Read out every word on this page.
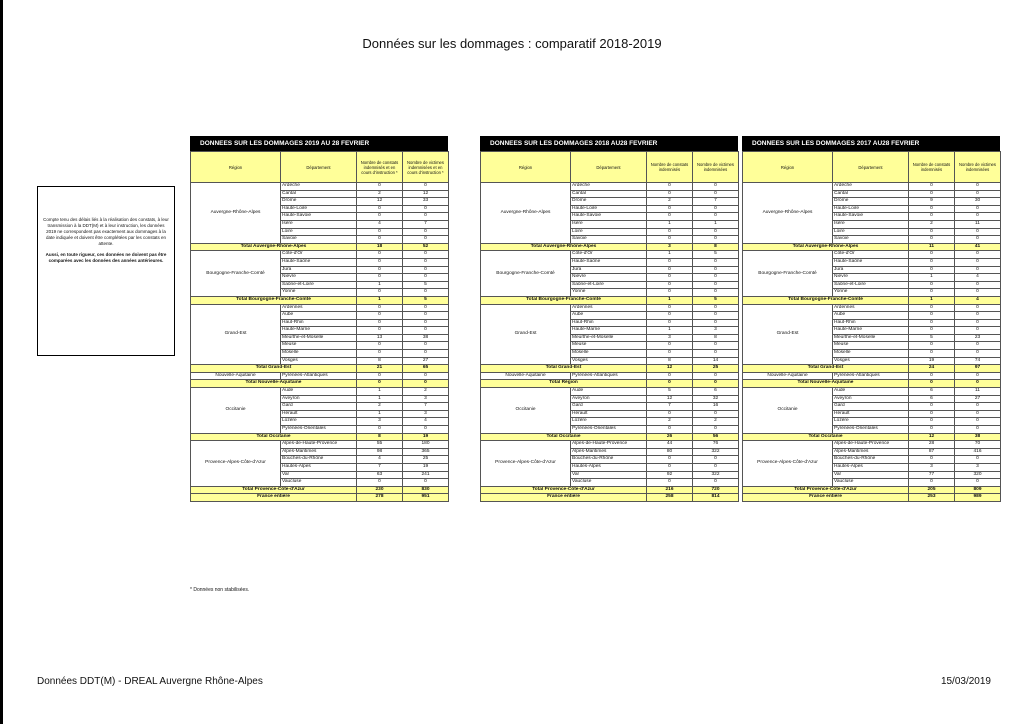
Données sur les dommages : comparatif 2018-2019

Compte tenu des délais liés à la réalisation des constats, à leur transmission à la DDT(M) et à leur instruction, les données 2019 ne correspondent pas exactement aux dommages à la date indiquée et doivent être complétées par les constats en attente.

Aussi, en toute rigueur, ces données ne doivent pas être comparées avec les données des années antérieures.

DONNEES SUR LES DOMMAGES 2019 AU 28 FEVRIER
Région	Département	Nombre de constats indemnisés et en cours d'instruction *	Nombre de victimes indemnisées et en cours d'instruction *
Auvergne-Rhône-Alpes	Ardèche	0	0
	Cantal	2	12
	Drôme	12	33
	Haute-Loire	0	0
	Haute-Savoie	0	0
	Isère	4	7
	Loire	0	0
	Savoie	0	0
Total Auvergne-Rhône-Alpes		18	52
Bourgogne-Franche-Comté	Côte-d'Or	0	0
	Haute-Saône	0	0
	Jura	0	0
	Nièvre	0	0
	Saône-et-Loire	1	5
	Yonne	0	0
Total Bourgogne-Franche-Comté		1	5
Grand-Est	Ardennes	0	0
	Aube	0	0
	Haut-Rhin	0	0
	Haute-Marne	0	0
	Meurthe-et-Moselle	13	38
	Meuse	0	0
	Moselle	0	0
	Vosges	8	27
Total Grand-Est		21	65
Nouvelle-Aquitaine	Pyrénées-Atlantiques	0	0
Total Nouvelle-Aquitaine		0	0
Occitanie	Aude	1	2
	Aveyron	1	3
	Gard	2	7
	Hérault	1	3
	Lozère	3	4
	Pyrénées-Orientales	0	0
Total Occitanie		8	19
Provence-Alpes-Côte-d'Azur	Alpes-de-Haute-Provence	55	180
	Alpes-Maritimes	98	365
	Bouches-du-Rhône	4	25
	Hautes-Alpes	7	19
	Var	63	241
	Vaucluse	0	0
Total Provence-Côte-d'Azur		230	830
France entière		278	951
DONNEES SUR LES DOMMAGES 2018 AU28 FEVRIER
Région	Département	Nombre de constats indemnisés	Nombre de victimes indemnisées
Auvergne-Rhône-Alpes	Ardèche	0	0
	Cantal	0	0
	Drôme	2	7
	Haute-Loire	0	0
	Haute-Savoie	0	0
	Isère	1	1
	Loire	0	0
	Savoie	0	0
Total Auvergne-Rhône-Alpes		3	8
Bourgogne-Franche-Comté	Côte-d'Or	1	5
	Haute-Saône	0	0
	Jura	0	0
	Nièvre	0	0
	Saône-et-Loire	0	0
	Yonne	0	0
Total Bourgogne-Franche-Comté		1	5
Grand-Est	Ardennes	0	0
	Aube	0	0
	Haut-Rhin	0	0
	Haute-Marne	1	3
	Meurthe-et-Moselle	3	8
	Meuse	0	0
	Moselle	0	0
	Vosges	8	14
Total Grand-Est		12	25
Nouvelle-Aquitaine	Pyrénées-Atlantiques	0	0
Total Région		0	0
Occitanie	Aude	5	6
	Aveyron	12	32
	Gard	7	16
	Hérault	0	0
	Lozère	2	2
	Pyrénées-Orientales	0	0
Total Occitanie		26	56
Provence-Alpes-Côte-d'Azur	Alpes-de-Haute-Provence	44	76
	Alpes-Maritimes	80	322
	Bouches-du-Rhône	0	0
	Hautes-Alpes	0	0
	Var	92	322
	Vaucluse	0	0
Total Provence-Côte-d'Azur		216	720
France entière		258	814
DONNEES SUR LES DOMMAGES 2017 AU28 FEVRIER
Région	Département	Nombre de constats indemnisés	Nombre de victimes indemnisées
Auvergne-Rhône-Alpes	Ardèche	0	0
	Cantal	0	0
	Drôme	9	30
	Haute-Loire	0	0
	Haute-Savoie	0	0
	Isère	2	11
	Loire	0	0
	Savoie	0	0
Total Auvergne-Rhône-Alpes		11	41
Bourgogne-Franche-Comté	Côte-d'Or	0	0
	Haute-Saône	0	0
	Jura	0	0
	Nièvre	1	4
	Saône-et-Loire	0	0
	Yonne	0	0
Total Bourgogne-Franche-Comté		1	4
Grand-Est	Ardennes	0	0
	Aube	0	0
	Haut-Rhin	0	0
	Haute-Marne	0	0
	Meurthe-et-Moselle	5	23
	Meuse	0	0
	Moselle	0	0
	Vosges	19	74
Total Grand-Est		24	97
Nouvelle-Aquitaine	Pyrénées-Atlantiques	0	0
Total Nouvelle-Aquitaine		0	0
Occitanie	Aude	6	11
	Aveyron	6	27
	Gard	0	0
	Hérault	0	0
	Lozère	0	0
	Pyrénées-Orientales	0	0
Total Occitanie		12	38
Provence-Alpes-Côte-d'Azur	Alpes-de-Haute-Provence	28	70
	Alpes-Maritimes	87	416
	Bouches-du-Rhône	0	0
	Hautes-Alpes	3	3
	Var	77	320
	Vaucluse	0	0
Total Provence-Côte-d'Azur		205	809
France entière		253	989
* Données non stabilisées.
Données DDT(M) - DREAL Auvergne Rhône-Alpes	15/03/2019
